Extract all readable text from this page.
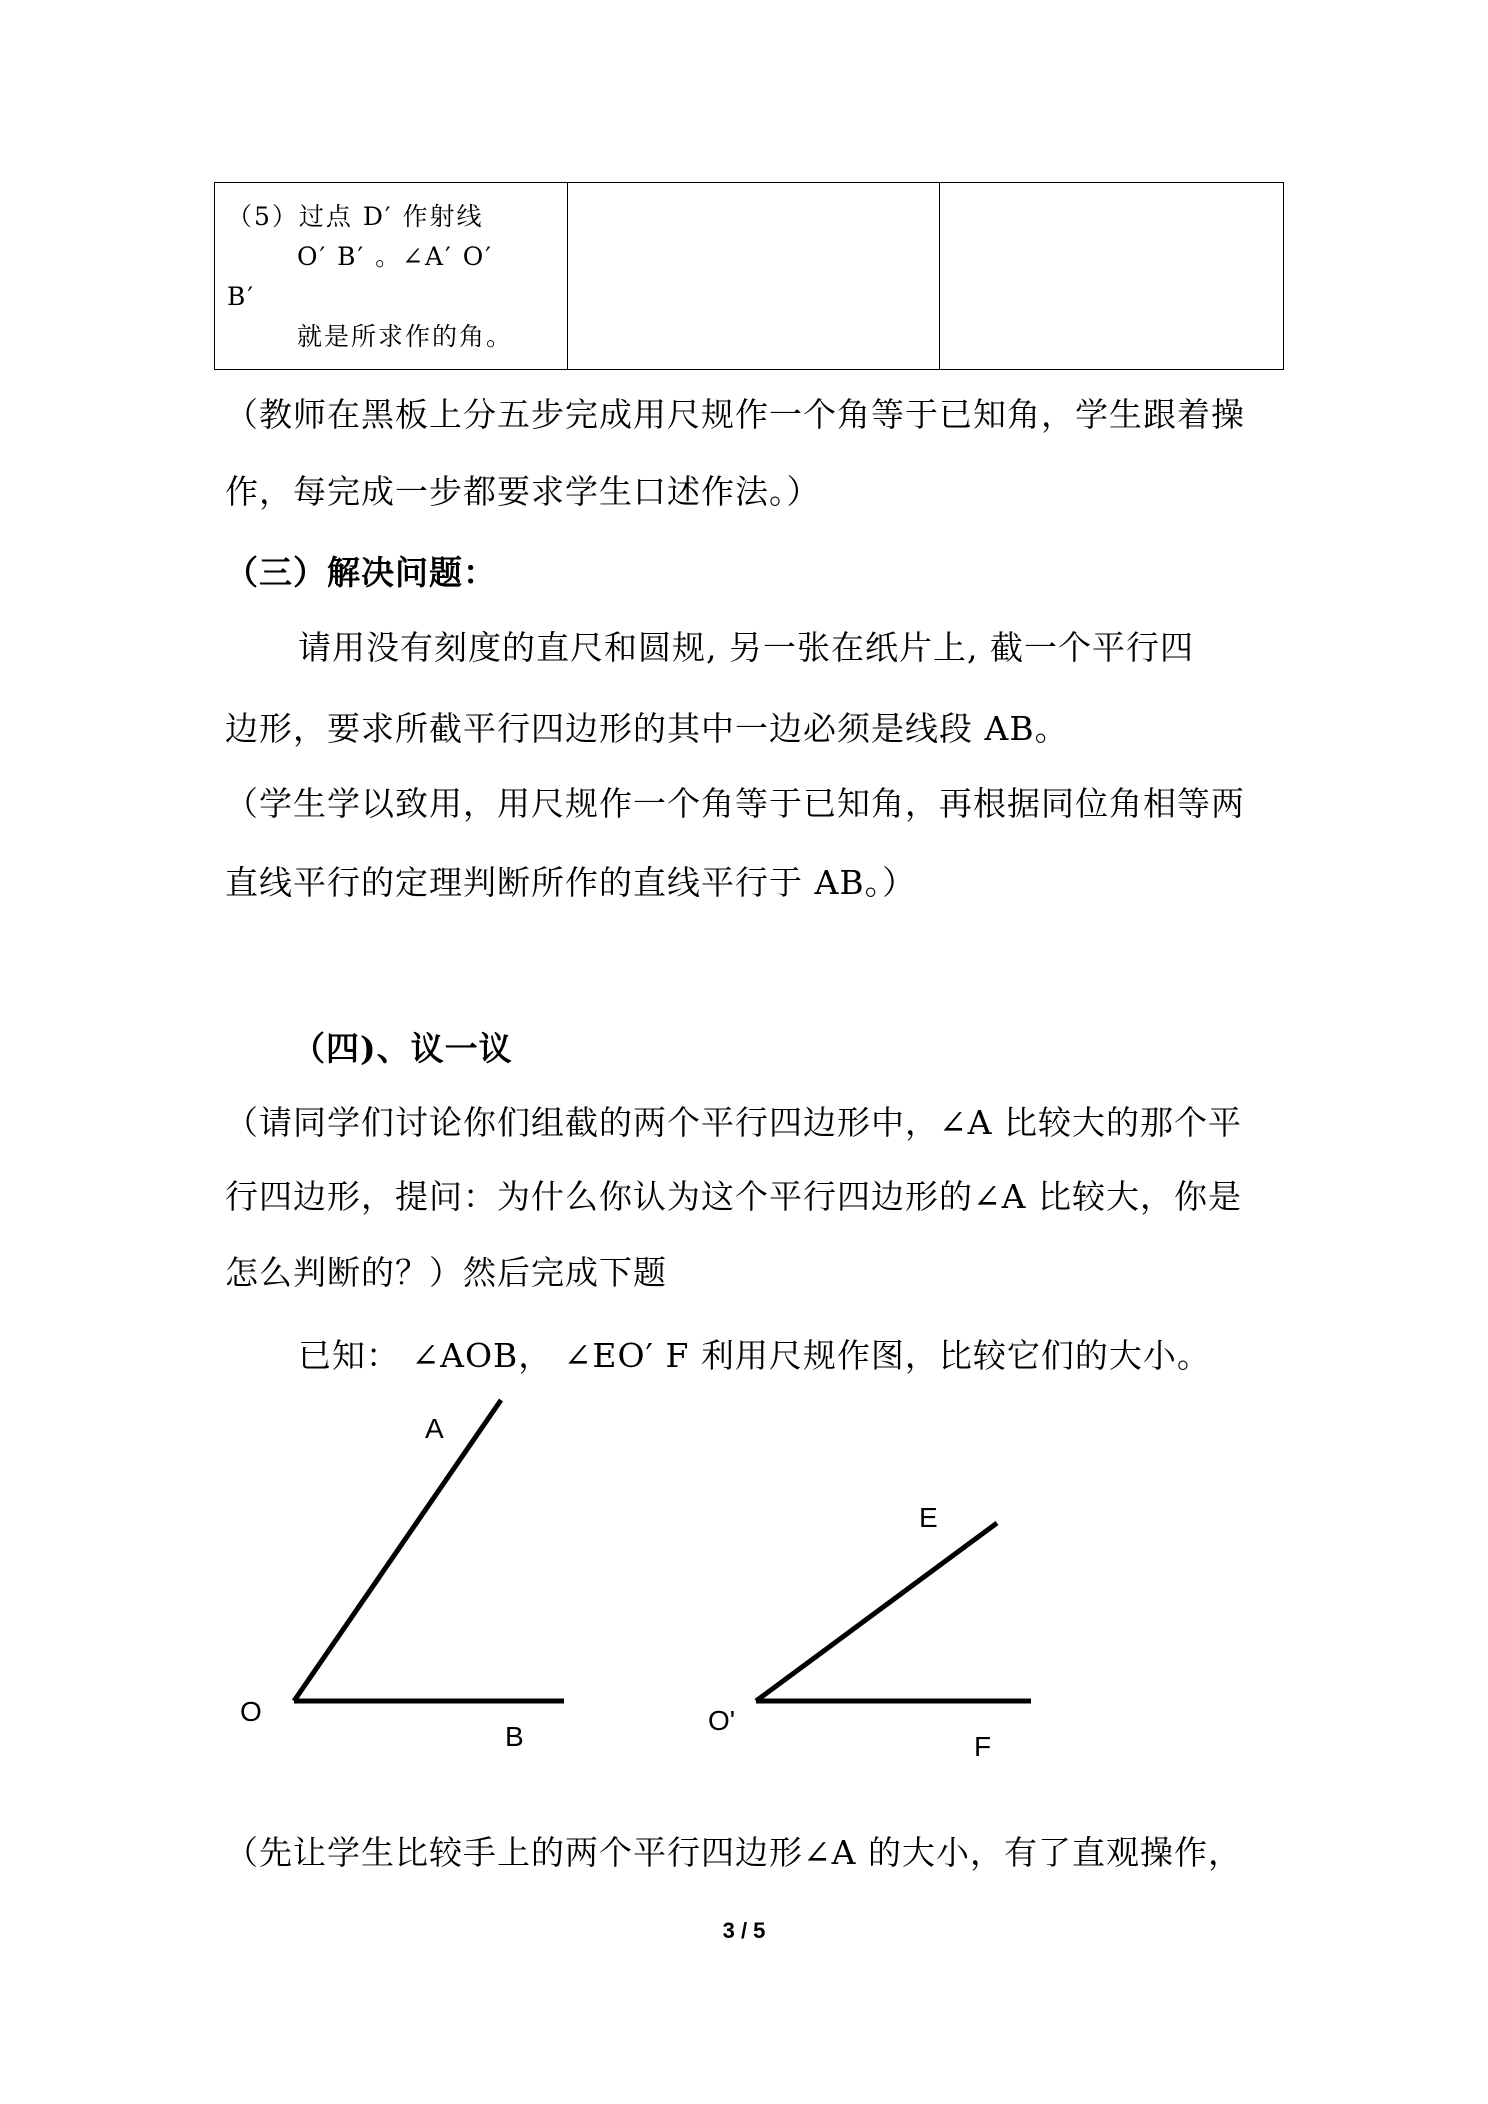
（5）过点 D′ 作射线
O′ B′ 。∠A′ O′
B′
就是所求作的角。
（教师在黑板上分五步完成用尺规作一个角等于已知角，学生跟着操
作，每完成一步都要求学生口述作法。）
（三）解决问题：
请用没有刻度的直尺和圆规, 另一张在纸片上, 截一个平行四
边形，要求所截平行四边形的其中一边必须是线段 AB。
（学生学以致用，用尺规作一个角等于已知角，再根据同位角相等两
直线平行的定理判断所作的直线平行于 AB。）
（四)、议一议
（请同学们讨论你们组截的两个平行四边形中，∠A 比较大的那个平
行四边形，提问：为什么你认为这个平行四边形的∠A 比较大，你是
怎么判断的？）然后完成下题
已知： ∠AOB， ∠EO′ F 利用尺规作图，比较它们的大小。
A
O
B
E
O'
F
（先让学生比较手上的两个平行四边形∠A 的大小，有了直观操作，
3 / 5
